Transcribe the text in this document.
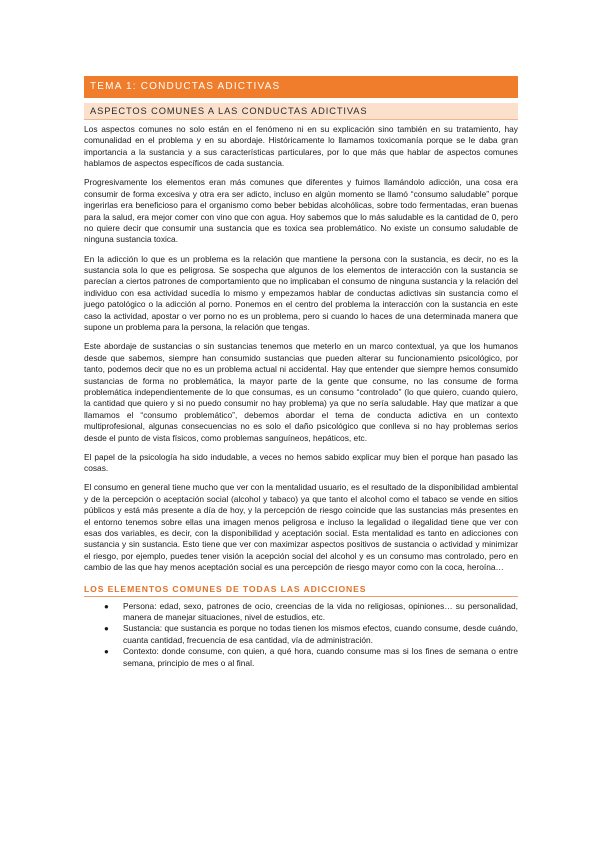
TEMA 1: CONDUCTAS ADICTIVAS
ASPECTOS COMUNES A LAS CONDUCTAS ADICTIVAS

Los aspectos comunes no solo están en el fenómeno ni en su explicación sino también en su tratamiento, hay comunalidad en el problema y en su abordaje. Históricamente lo llamamos toxicomanía porque se le daba gran importancia a la sustancia y a sus características particulares, por lo que más que hablar de aspectos comunes hablamos de aspectos específicos de cada sustancia.

Progresivamente los elementos eran más comunes que diferentes y fuimos llamándolo adicción, una cosa era consumir de forma excesiva y otra era ser adicto, incluso en algún momento se llamó “consumo saludable” porque ingerirlas era beneficioso para el organismo como beber bebidas alcohólicas, sobre todo fermentadas, eran buenas para la salud, era mejor comer con vino que con agua. Hoy sabemos que lo más saludable es la cantidad de 0, pero no quiere decir que consumir una sustancia que es toxica sea problemático. No existe un consumo saludable de ninguna sustancia toxica.

En la adicción lo que es un problema es la relación que mantiene la persona con la sustancia, es decir, no es la sustancia sola lo que es peligrosa. Se sospecha que algunos de los elementos de interacción con la sustancia se parecían a ciertos patrones de comportamiento que no implicaban el consumo de ninguna sustancia y la relación del individuo con esa actividad sucedía lo mismo y empezamos hablar de conductas adictivas sin sustancia como el juego patológico o la adicción al porno. Ponemos en el centro del problema la interacción con la sustancia en este caso la actividad, apostar o ver porno no es un problema, pero si cuando lo haces de una determinada manera que supone un problema para la persona, la relación que tengas.

Este abordaje de sustancias o sin sustancias tenemos que meterlo en un marco contextual, ya que los humanos desde que sabemos, siempre han consumido sustancias que pueden alterar su funcionamiento psicológico, por tanto, podemos decir que no es un problema actual ni accidental. Hay que entender que siempre hemos consumido sustancias de forma no problemática, la mayor parte de la gente que consume, no las consume de forma problemática independientemente de lo que consumas, es un consumo “controlado” (lo que quiero, cuando quiero, la cantidad que quiero y si no puedo consumir no hay problema) ya que no sería saludable. Hay que matizar a que llamamos el “consumo problemático”, debemos abordar el tema de conducta adictiva en un contexto multiprofesional, algunas consecuencias no es solo el daño psicológico que conlleva si no hay problemas serios desde el punto de vista físicos, como problemas sanguíneos, hepáticos, etc.

El papel de la psicología ha sido indudable, a veces no hemos sabido explicar muy bien el porque han pasado las cosas.

El consumo en general tiene mucho que ver con la mentalidad usuario, es el resultado de la disponibilidad ambiental y de la percepción o aceptación social (alcohol y tabaco) ya que tanto el alcohol como el tabaco se vende en sitios públicos y está más presente a día de hoy, y la percepción de riesgo coincide que las sustancias más presentes en el entorno tenemos sobre ellas una imagen menos peligrosa e incluso la legalidad o ilegalidad tiene que ver con esas dos variables, es decir, con la disponibilidad y aceptación social. Esta mentalidad es tanto en adicciones con sustancia y sin sustancia. Esto tiene que ver con maximizar aspectos positivos de sustancia o actividad y minimizar el riesgo, por ejemplo, puedes tener visión la acepción social del alcohol y es un consumo mas controlado, pero en cambio de las que hay menos aceptación social es una percepción de riesgo mayor como con la coca, heroína…

LOS ELEMENTOS COMUNES DE TODAS LAS ADICCIONES
● Persona: edad, sexo, patrones de ocio, creencias de la vida no religiosas, opiniones… su personalidad, manera de manejar situaciones, nivel de estudios, etc.
● Sustancia: que sustancia es porque no todas tienen los mismos efectos, cuando consume, desde cuándo, cuanta cantidad, frecuencia de esa cantidad, vía de administración.
● Contexto: donde consume, con quien, a qué hora, cuando consume mas si los fines de semana o entre semana, principio de mes o al final.
